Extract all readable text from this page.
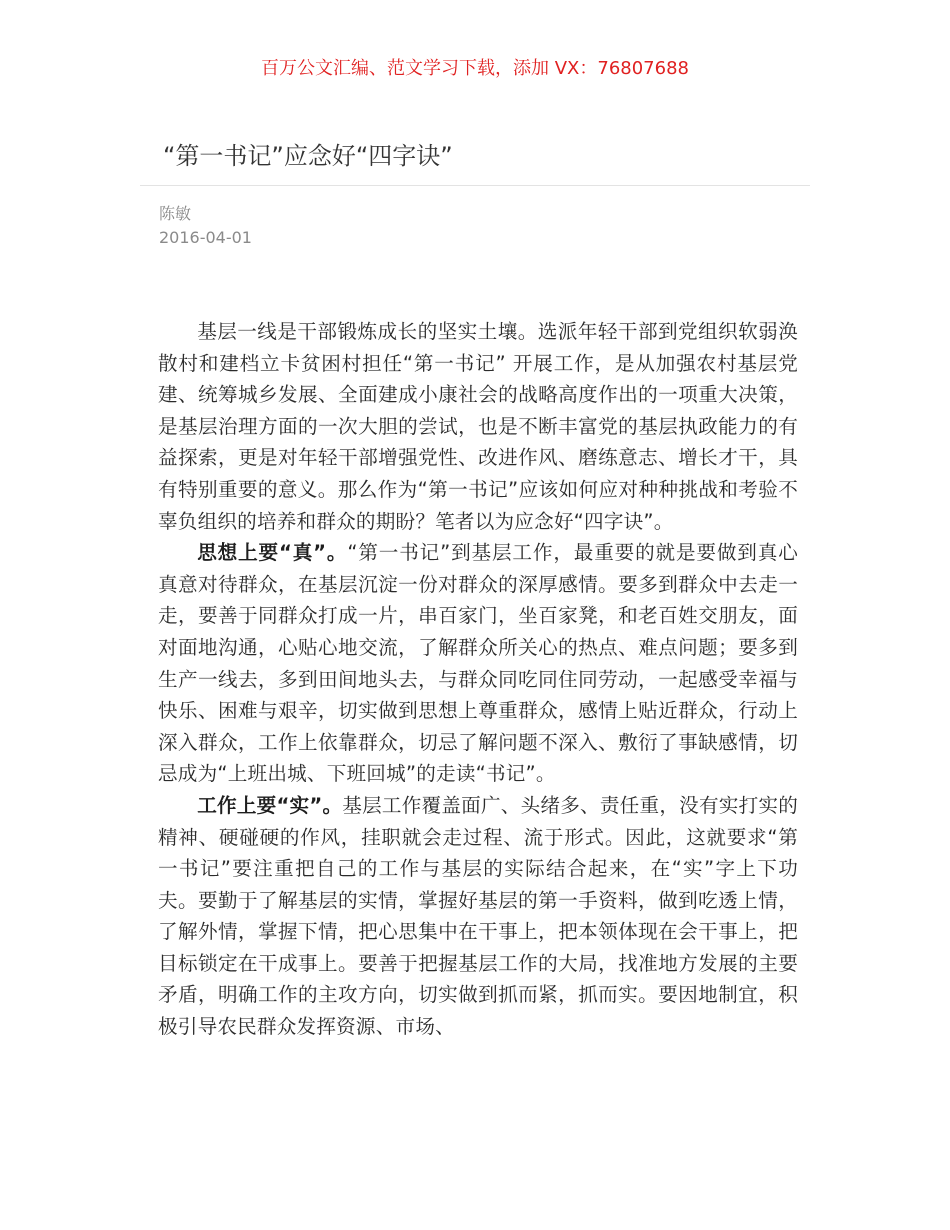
百万公文汇编、范文学习下载，添加 VX：76807688
“第一书记”应念好“四字诀”
陈敏
2016-04-01

基层一线是干部锻炼成长的坚实土壤。选派年轻干部到党组织软弱涣散村和建档立卡贫困村担任“第一书记” 开展工作，是从加强农村基层党建、统筹城乡发展、全面建成小康社会的战略高度作出的一项重大决策，是基层治理方面的一次大胆的尝试，也是不断丰富党的基层执政能力的有益探索，更是对年轻干部增强党性、改进作风、磨练意志、增长才干，具有特别重要的意义。那么作为“第一书记”应该如何应对种种挑战和考验不辜负组织的培养和群众的期盼？笔者以为应念好“四字诀”。

思想上要“真”。“第一书记”到基层工作，最重要的就是要做到真心真意对待群众，在基层沉淀一份对群众的深厚感情。要多到群众中去走一走，要善于同群众打成一片，串百家门，坐百家凳，和老百姓交朋友，面对面地沟通，心贴心地交流，了解群众所关心的热点、难点问题；要多到生产一线去，多到田间地头去，与群众同吃同住同劳动，一起感受幸福与快乐、困难与艰辛，切实做到思想上尊重群众，感情上贴近群众，行动上深入群众，工作上依靠群众，切忌了解问题不深入、敷衍了事缺感情，切忌成为“上班出城、下班回城”的走读“书记”。

工作上要“实”。基层工作覆盖面广、头绪多、责任重，没有实打实的精神、硬碰硬的作风，挂职就会走过程、流于形式。因此，这就要求“第一书记”要注重把自己的工作与基层的实际结合起来，在“实”字上下功夫。要勤于了解基层的实情，掌握好基层的第一手资料，做到吃透上情，了解外情，掌握下情，把心思集中在干事上，把本领体现在会干事上，把目标锁定在干成事上。要善于把握基层工作的大局，找准地方发展的主要矛盾，明确工作的主攻方向，切实做到抓而紧，抓而实。要因地制宜，积极引导农民群众发挥资源、市场、
